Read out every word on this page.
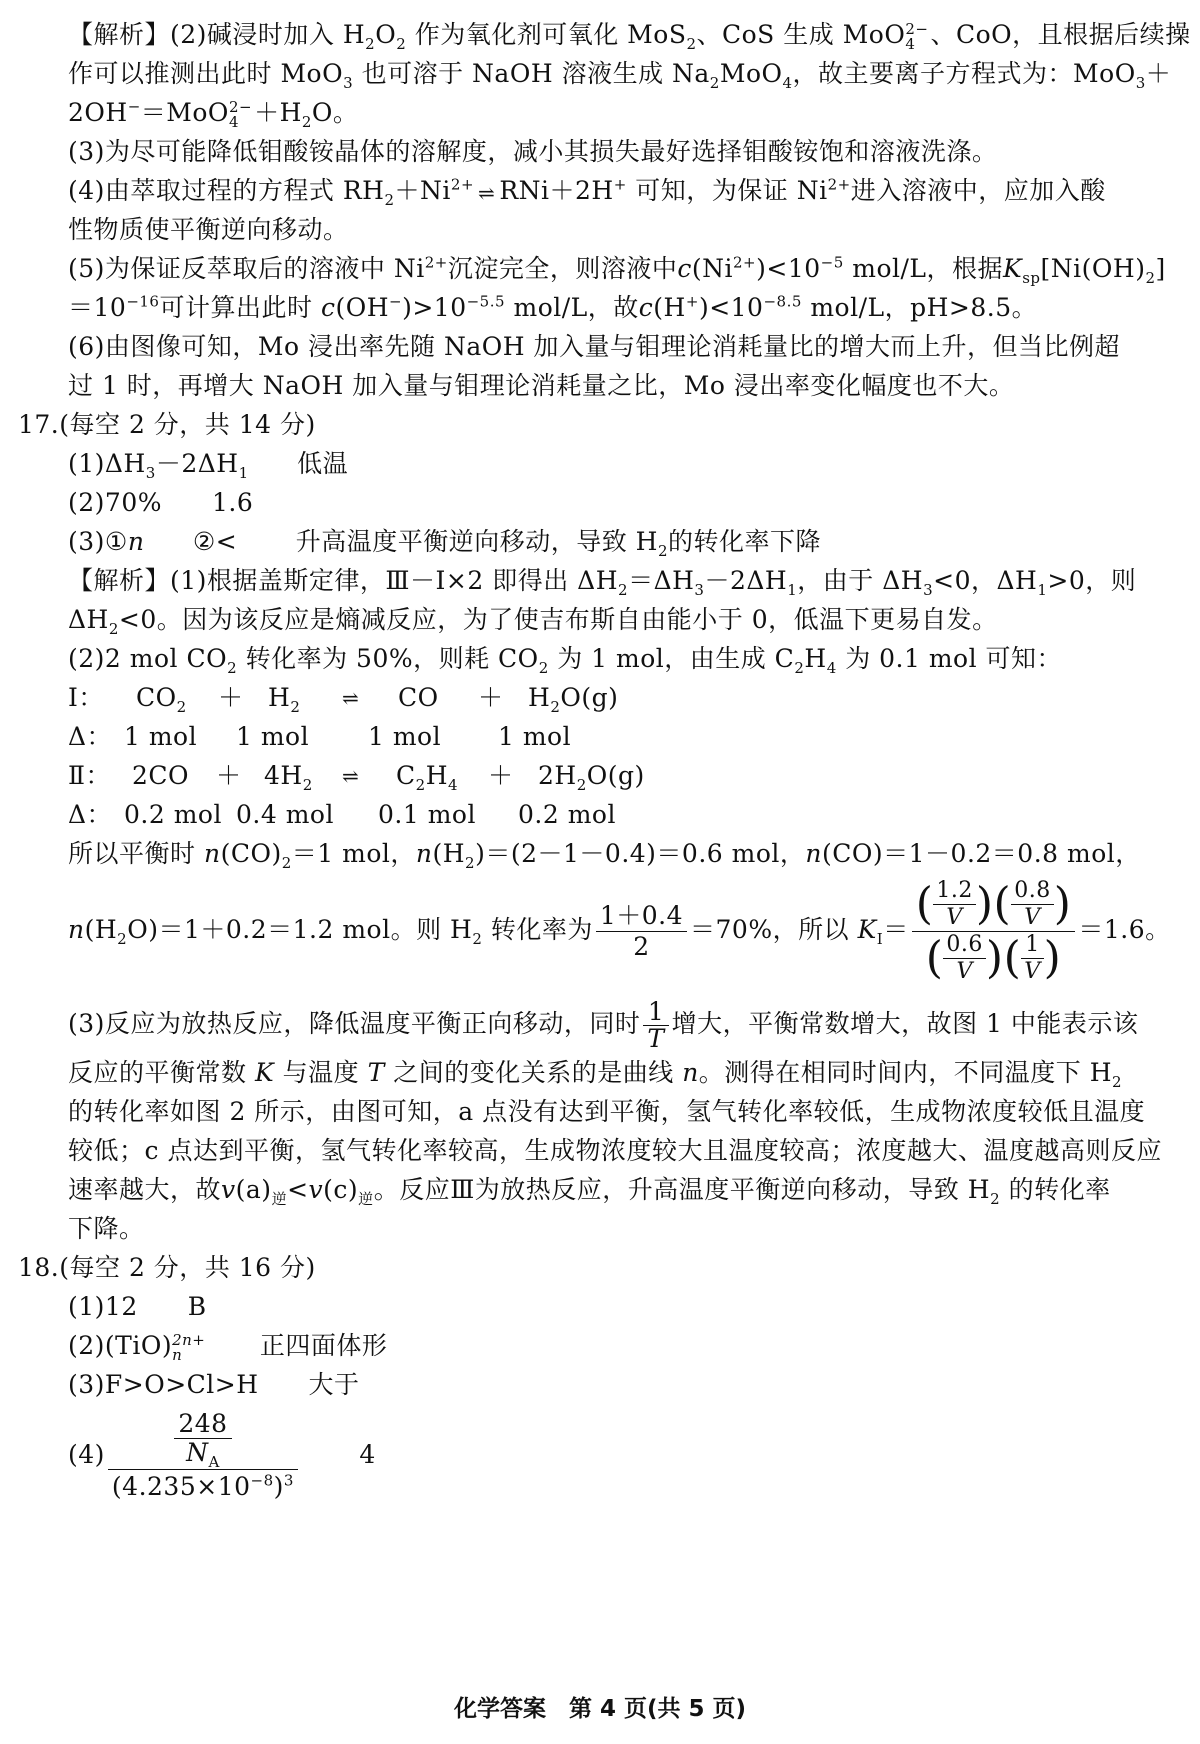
【解析】(2)碱浸时加入 $H_2O_2$ 作为氧化剂可氧化 MoS$_2$、CoS 生成 MoO 2−
4 、CoO，且根据后续操
作可以推测出此时 MoO$_3$ 也可溶于 NaOH 溶液生成 $Na_2MoO_4$，故主要离子方程式为：MoO$_3$＋
2OH−＝MoO 2−
$4 +H_2O$。
(3)为尽可能降低钼酸铵晶体的溶解度，减小其损失最好选择钼酸铵饱和溶液洗涤。
(4)由萃取过程的方程式 $RH_2+Ni^{2+}$ ⇌ RNi＋2H+ 可知，为保证 $Ni^{2+}$进入溶液中，应加入酸
性物质使平衡逆向移动。
(5)为保证反萃取后的溶液中 $Ni^{2+}$沉淀完全，则溶液中$c(Ni^{2+})<10^{-5}$ mol/L，根据$K_{sp}[Ni(OH)_2]$
$=10^{-16}$可计算出此时 $c(OH^-)>10^{-5.5}$ mol/L，故$c(H^+)<10^{-8.5}$ mol/L，pH>8.5。
(6)由图像可知，Mo 浸出率先随 NaOH 加入量与钼理论消耗量比的增大而上升，但当比例超
过 1 时，再增大 NaOH 加入量与钼理论消耗量之比，Mo 浸出率变化幅度也不大。
17.(每空 2 分，共 14 分)
$(1)\Delta H_3-2\Delta H_1$ 低温
(2)70% 1.6
(3)①n ②< 升高温度平衡逆向移动，导致 $H_2$的转化率下降
【解析】(1)根据盖斯定律，Ⅲ－Ⅰ×2 即得出 $\Delta H_2=\Delta H_3-2\Delta H_1$，由于 $\Delta H_3<0$，$\Delta H_1>0$，则
$\Delta H_2<0$。因为该反应是熵减反应，为了使吉布斯自由能小于 0，低温下更易自发。
(2)2 mol $CO_2$ 转化率为 50%，则耗 $CO_2$ 为 1 mol，由生成 $C_2H_4$ 为 0.1 mol 可知：
Ⅰ： $CO_2 + H_2$ ⇌ CO ＋ $H_2O(g)$
Δ： 1 mol 1 mol 1 mol 1 mol
Ⅱ： $2CO + 4H_2$ ⇌ $C_2H_4 + 2H_2O(g)$
Δ： 0.2 mol 0.4 mol 0.1 mol 0.2 mol
所以平衡时 $n(CO)_2=1$ mol，$n(H_2)=(2-1-0.4)=0.6$ mol，n(CO)＝1－0.2＝0.8 mol，
$n(H_2O)=1+0.2=1.2$ mol。则 $H_2$ 转化率为 $\frac{1+0.4}{2} =70\%$，所以 $K_Ⅰ= \frac{( \frac{1.2}{V} )( \frac{0.8}{V} )}{( \frac{0.6}{V} )( \frac{1}{V} )} =1.6$。
(3)反应为放热反应，降低温度平衡正向移动，同时 $\frac{1}{T}$ 增大，平衡常数增大，故图 1 中能表示该
反应的平衡常数 K 与温度 T 之间的变化关系的是曲线 n。测得在相同时间内，不同温度下 $H_2$
的转化率如图 2 所示，由图可知，a 点没有达到平衡，氢气转化率较低，生成物浓度较低且温度
较低；c 点达到平衡，氢气转化率较高，生成物浓度较大且温度较高；浓度越大、温度越高则反应
速率越大，故$v(a)_逆<v(c)_逆$。反应Ⅲ为放热反应，升高温度平衡逆向移动，导致 $H_2$ 的转化率
下降。
18.(每空 2 分，共 16 分)
(1)12 B
(2)(TiO) 2n+
n	正四面体形
(3)F>O>Cl>H 大于
$(4) \frac{\frac{248}{N_A}}{(4.235\times 10^{-8})^3} 4$
化学答案　第 4 页(共 5 页)
